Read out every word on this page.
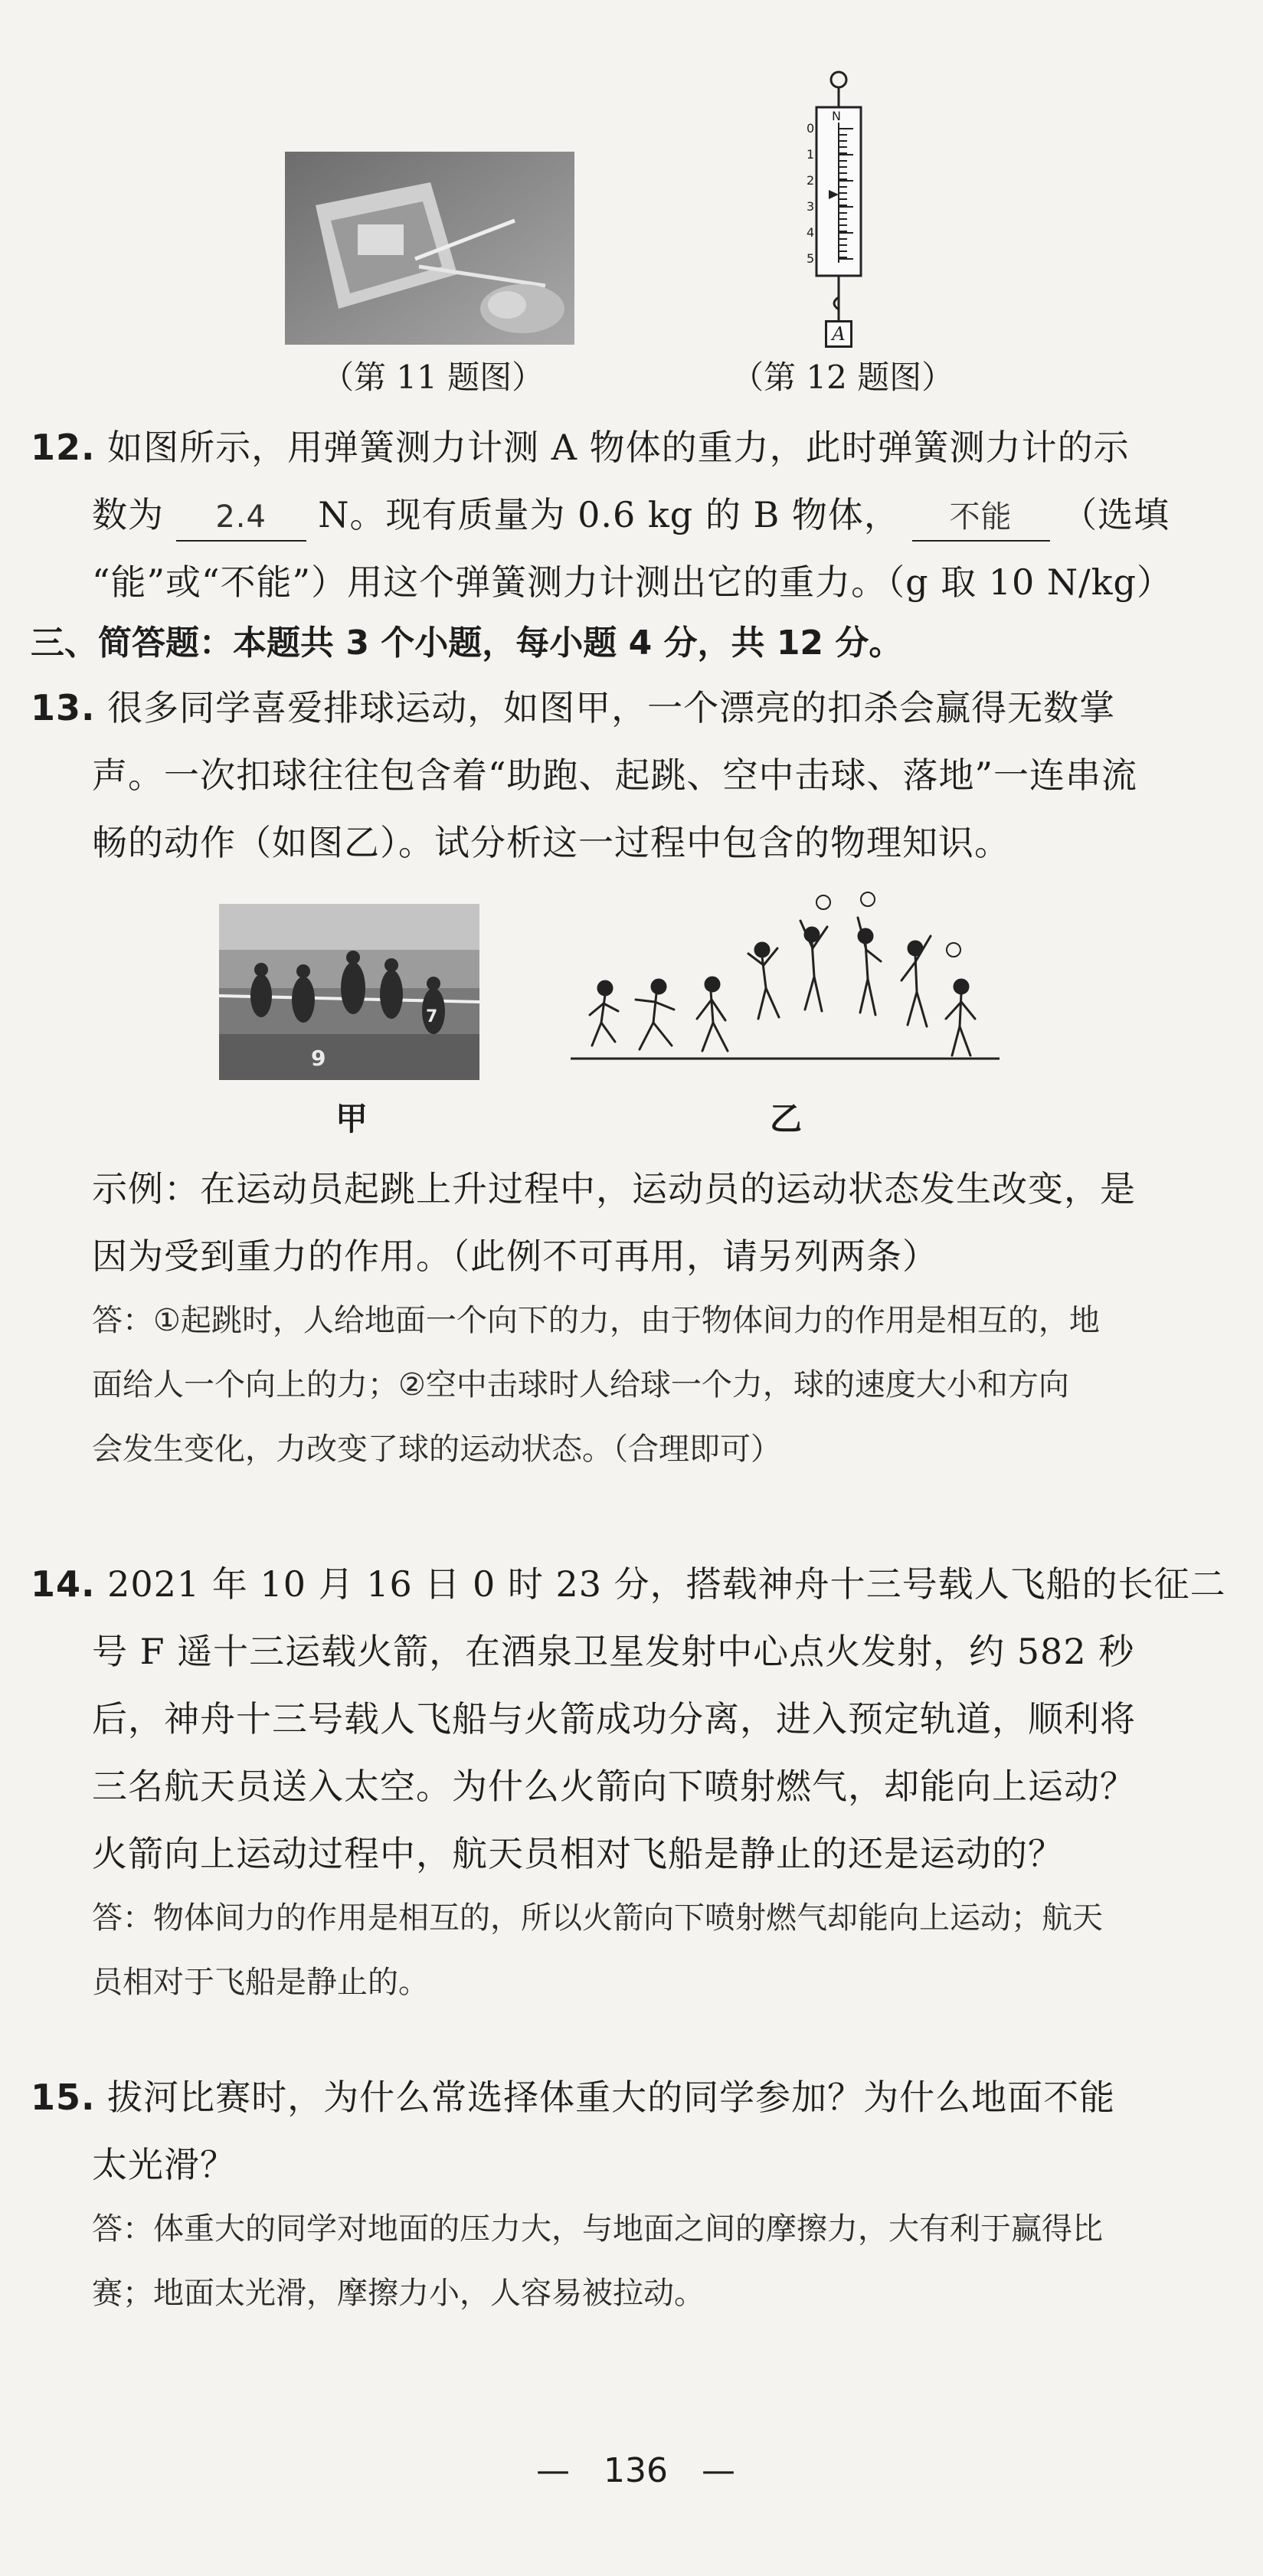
（第 11 题图）
N
0
1
2
3
4
5
A
（第 12 题图）
12. 如图所示，用弹簧测力计测 A 物体的重力，此时弹簧测力计的示
数为 2.4 N。现有质量为 0.6 kg 的 B 物体， 不能 （选填
“能”或“不能”）用这个弹簧测力计测出它的重力。（g 取 10 N/kg）
三、简答题：本题共 3 个小题，每小题 4 分，共 12 分。
13. 很多同学喜爱排球运动，如图甲，一个漂亮的扣杀会赢得无数掌
声。一次扣球往往包含着“助跑、起跳、空中击球、落地”一连串流
畅的动作（如图乙）。试分析这一过程中包含的物理知识。
9
7
甲	乙
示例：在运动员起跳上升过程中，运动员的运动状态发生改变，是
因为受到重力的作用。（此例不可再用，请另列两条）
答：①起跳时，人给地面一个向下的力，由于物体间力的作用是相互的，地
面给人一个向上的力；②空中击球时人给球一个力，球的速度大小和方向
会发生变化，力改变了球的运动状态。（合理即可）
14. 2021 年 10 月 16 日 0 时 23 分，搭载神舟十三号载人飞船的长征二
号 F 遥十三运载火箭，在酒泉卫星发射中心点火发射，约 582 秒
后，神舟十三号载人飞船与火箭成功分离，进入预定轨道，顺利将
三名航天员送入太空。为什么火箭向下喷射燃气，却能向上运动？
火箭向上运动过程中，航天员相对飞船是静止的还是运动的？
答：物体间力的作用是相互的，所以火箭向下喷射燃气却能向上运动；航天
员相对于飞船是静止的。
15. 拔河比赛时，为什么常选择体重大的同学参加？为什么地面不能
太光滑？
答：体重大的同学对地面的压力大，与地面之间的摩擦力，大有利于赢得比
赛；地面太光滑，摩擦力小，人容易被拉动。
— 136 —
